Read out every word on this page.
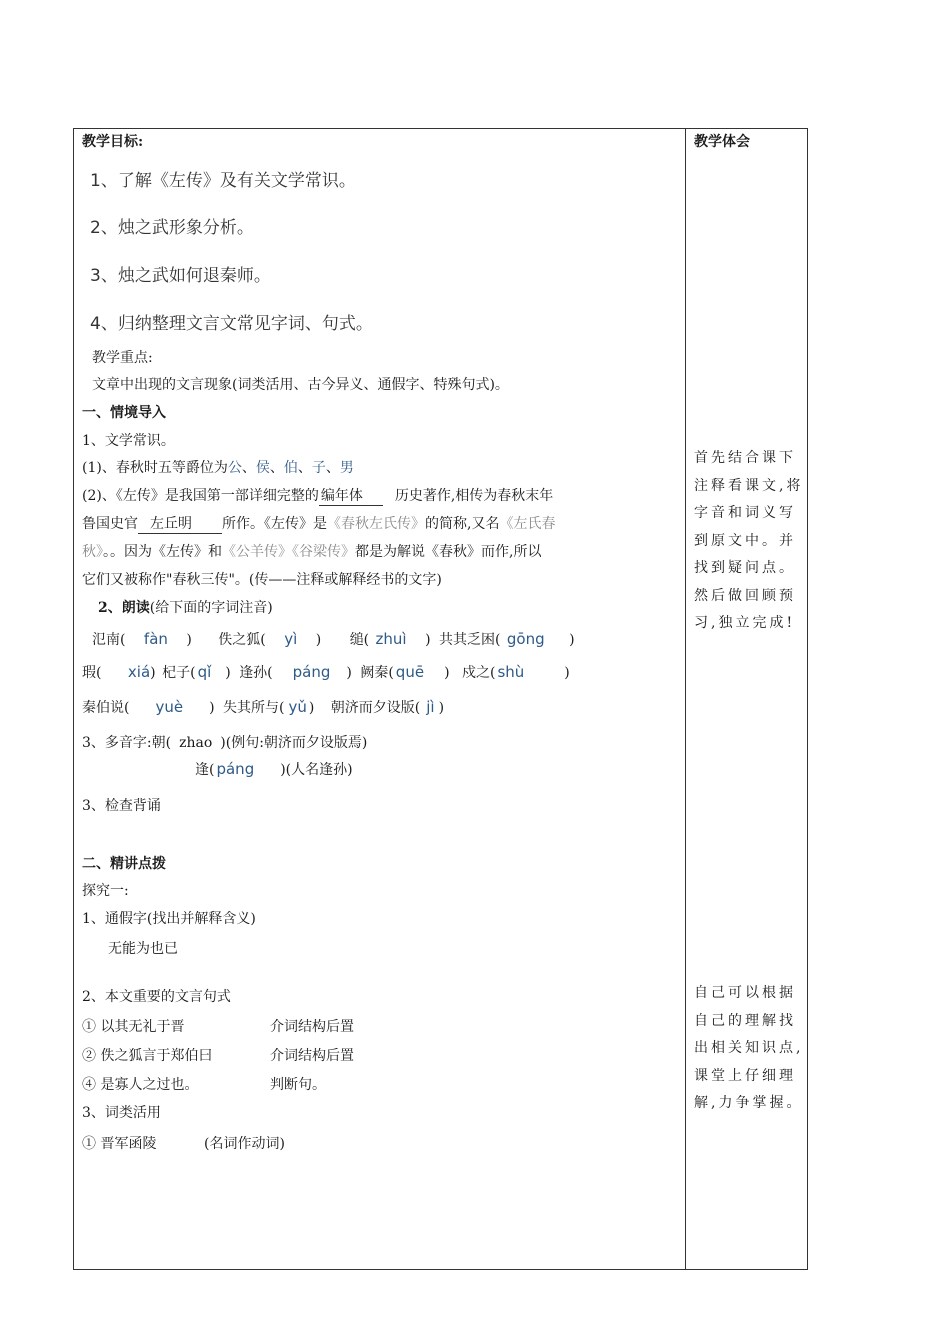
教学目标:
1、了解《左传》及有关文学常识。
2、烛之武形象分析。
3、烛之武如何退秦师。
4、归纳整理文言文常见字词、句式。
教学重点:
文章中出现的文言现象(词类活用、古今异义、通假字、特殊句式)。
一、情境导入
1、文学常识。
(1)、春秋时五等爵位为公、侯、伯、子、男
(2)、《左传》是我国第一部详细完整的 编年体 历史著作,相传为春秋末年
鲁国史官 左丘明 所作。《左传》是《春秋左氏传》的简称,又名《左氏春
秋》。。因为《左传》和《公羊传》《谷梁传》都是为解说《春秋》而作,所以
它们又被称作"春秋三传"。(传——注释或解释经书的文字)
2、朗读(给下面的字词注音)
氾南( fàn ) 佚之狐( yì ) 缒( zhuì ) 共其乏困( gōng )
瑕( xiá) 杞子( qǐ ) 逢孙( páng ) 阙秦( quē ) 戍之( shù	)
秦伯说( yuè ) 失其所与( yǔ ) 朝济而夕设版( jì )
3、多音字:朝( zhao )(例句:朝济而夕设版焉)
逢( páng )(人名逢孙)
3、检查背诵
二、精讲点拨
探究一:
1、通假字(找出并解释含义)
无能为也已
2、本文重要的文言句式
① 以其无礼于晋	介词结构后置
② 佚之狐言于郑伯曰	介词结构后置
④ 是寡人之过也。	判断句。
3、词类活用
① 晋军函陵	(名词作动词)
教学体会
首先结合课下注释看课文,将字音和词义写到原文中。并找到疑问点。然后做回顾预习,独立完成!
自己可以根据自己的理解找出相关知识点,课堂上仔细理解,力争掌握。
